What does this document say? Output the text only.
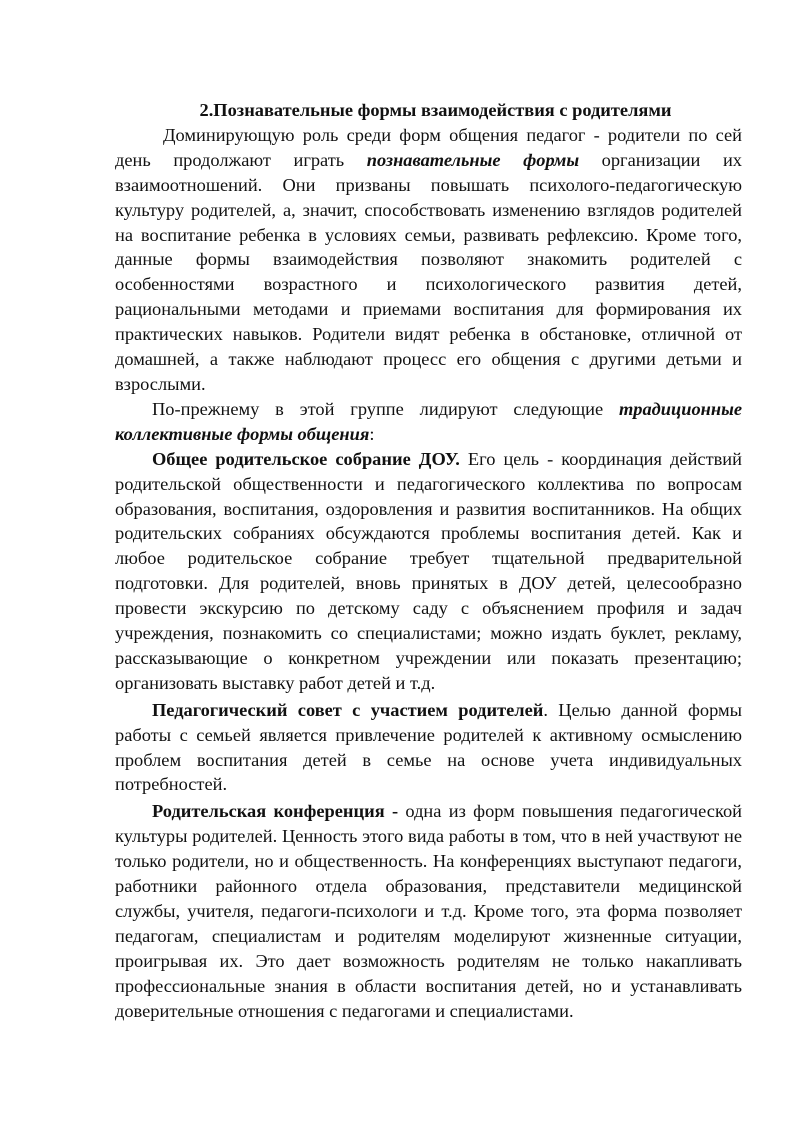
2.Познавательные формы взаимодействия с родителями

Доминирующую роль среди форм общения педагог - родители по сей день продолжают играть познавательные формы организации их взаимоотношений. Они призваны повышать психолого-педагогическую культуру родителей, а, значит, способствовать изменению взглядов родителей на воспитание ребенка в условиях семьи, развивать рефлексию. Кроме того, данные формы взаимодействия позволяют знакомить родителей с особенностями возрастного и психологического развития детей, рациональными методами и приемами воспитания для формирования их практических навыков. Родители видят ребенка в обстановке, отличной от домашней, а также наблюдают процесс его общения с другими детьми и взрослыми.

По-прежнему в этой группе лидируют следующие традиционные коллективные формы общения:

Общее родительское собрание ДОУ. Его цель - координация действий родительской общественности и педагогического коллектива по вопросам образования, воспитания, оздоровления и развития воспитанников. На общих родительских собраниях обсуждаются проблемы воспитания детей. Как и любое родительское собрание требует тщательной предварительной подготовки. Для родителей, вновь принятых в ДОУ детей, целесообразно провести экскурсию по детскому саду с объяснением профиля и задач учреждения, познакомить со специалистами; можно издать буклет, рекламу, рассказывающие о конкретном учреждении или показать презентацию; организовать выставку работ детей и т.д.

Педагогический совет с участием родителей. Целью данной формы работы с семьей является привлечение родителей к активному осмыслению проблем воспитания детей в семье на основе учета индивидуальных потребностей.

Родительская конференция - одна из форм повышения педагогической культуры родителей. Ценность этого вида работы в том, что в ней участвуют не только родители, но и общественность. На конференциях выступают педагоги, работники районного отдела образования, представители медицинской службы, учителя, педагоги-психологи и т.д. Кроме того, эта форма позволяет педагогам, специалистам и родителям моделируют жизненные ситуации, проигрывая их. Это дает возможность родителям не только накапливать профессиональные знания в области воспитания детей, но и устанавливать доверительные отношения с педагогами и специалистами.
